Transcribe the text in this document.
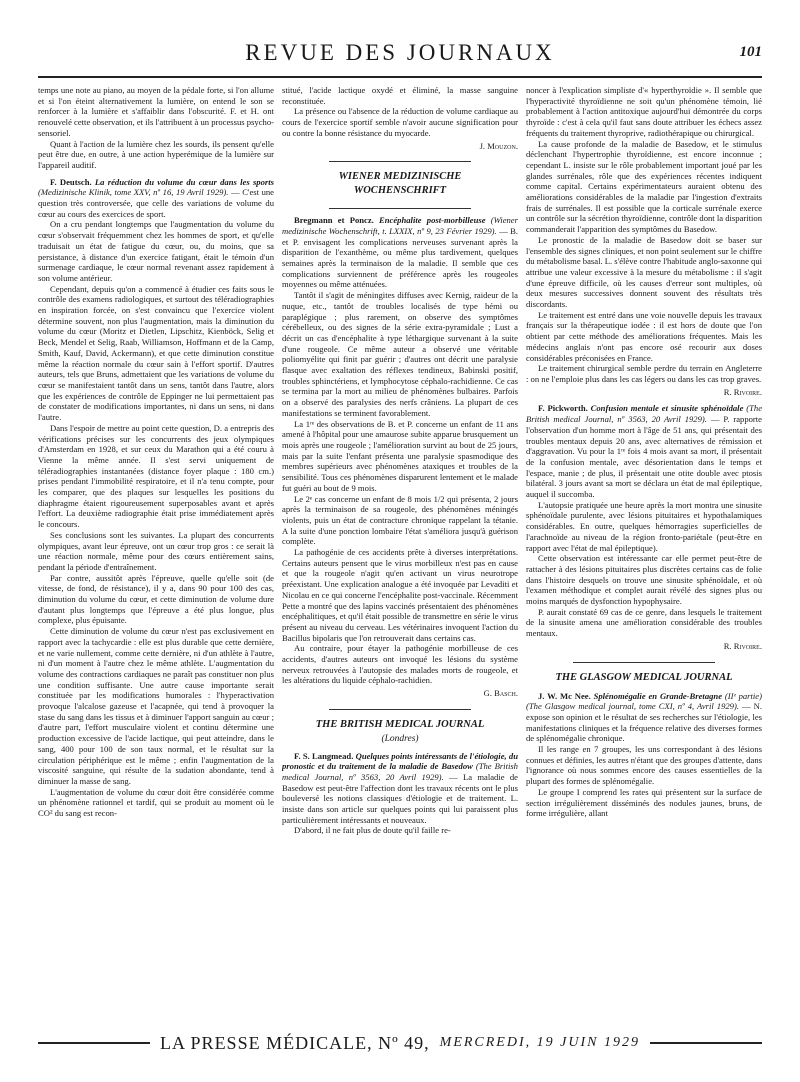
REVUE DES JOURNAUX	101

temps une note au piano, au moyen de la pédale forte, si l'on allume et si l'on éteint alternativement la lumière, on entend le son se renforcer à la lumière et s'affaiblir dans l'obscurité. F. et H. ont renouvelé cette observation, et ils l'attribuent à un processus psycho-sensoriel.

Quant à l'action de la lumière chez les sourds, ils pensent qu'elle peut être due, en outre, à une action hyperémique de la lumière sur l'appareil auditif.

F. Deutsch. La réduction du volume du cœur dans les sports (Medizinische Klinik, tome XXV, nº 16, 19 Avril 1929). — C'est une question très controversée, que celle des variations de volume du cœur au cours des exercices de sport.

On a cru pendant longtemps que l'augmentation du volume du cœur s'observait fréquemment chez les hommes de sport, et qu'elle traduisait un état de fatigue du cœur, ou, du moins, que sa persistance, à distance d'un exercice fatigant, était le témoin d'un surmenage cardiaque, le cœur normal revenant assez rapidement à son volume antérieur.

Cependant, depuis qu'on a commencé à étudier ces faits sous le contrôle des examens radiologiques, et surtout des téléradiographies en inspiration forcée, on s'est convaincu que l'exercice violent détermine souvent, non plus l'augmentation, mais la diminution du volume du cœur (Moritz et Dietlen, Lipschitz, Kienböck, Selig et Beck, Mendel et Selig, Raab, Williamson, Hoffmann et de la Camp, Smith, Kauf, David, Ackermann), et que cette diminution constitue même la réaction normale du cœur sain à l'effort sportif. D'autres auteurs, tels que Bruns, admettaient que les variations de volume du cœur se manifestaient tantôt dans un sens, tantôt dans l'autre, alors que les expériences de contrôle de Eppinger ne lui permettaient pas de constater de modifications importantes, ni dans un sens, ni dans l'autre.

Dans l'espoir de mettre au point cette question, D. a entrepris des vérifications précises sur les concurrents des jeux olympiques d'Amsterdam en 1928, et sur ceux du Marathon qui a été couru à Vienne la même année. Il s'est servi uniquement de téléradiographies instantanées (distance foyer plaque : 180 cm.) prises pendant l'immobilité respiratoire, et il n'a tenu compte, pour les comparer, que des plaques sur lesquelles les positions du diaphragme étaient rigoureusement superposables avant et après l'effort. La deuxième radiographie était prise immédiatement après le concours.

Ses conclusions sont les suivantes. La plupart des concurrents olympiques, avant leur épreuve, ont un cœur trop gros : ce serait là une réaction normale, même pour des cœurs entièrement sains, pendant la période d'entraînement.

Par contre, aussitôt après l'épreuve, quelle qu'elle soit (de vitesse, de fond, de résistance), il y a, dans 90 pour 100 des cas, diminution du volume du cœur, et cette diminution de volume dure d'autant plus longtemps que l'épreuve a été plus longue, plus complexe, plus épuisante.

Cette diminution de volume du cœur n'est pas exclusivement en rapport avec la tachycardie : elle est plus durable que cette dernière, et ne varie nullement, comme cette dernière, ni d'un athlète à l'autre, ni d'un moment à l'autre chez le même athlète. L'augmentation du volume des contractions cardiaques ne paraît pas constituer non plus une condition suffisante. Une autre cause importante serait constituée par les modifications humorales : l'hyperactivation provoque l'alcalose gazeuse et l'acapnée, qui tend à provoquer la stase du sang dans les tissus et à diminuer l'apport sanguin au cœur ; d'autre part, l'effort musculaire violent et continu détermine une production excessive de l'acide lactique, qui peut atteindre, dans le sang, 400 pour 100 de son taux normal, et le résultat sur la circulation périphérique est le même ; enfin l'augmentation de la viscosité sanguine, qui résulte de la sudation abondante, tend à diminuer la masse de sang.

L'augmentation de volume du cœur doit être considérée comme un phénomène rationnel et tardif, qui se produit au moment où le CO² du sang est recon-

stitué, l'acide lactique oxydé et éliminé, la masse sanguine reconstituée.

La présence ou l'absence de la réduction de volume cardiaque au cours de l'exercice sportif semble n'avoir aucune signification pour ou contre la bonne résistance du myocarde.

J. Mouzon.

WIENER MEDIZINISCHE
WOCHENSCHRIFT

Bregmann et Poncz. Encéphalite post-morbilleuse (Wiener medizinische Wochenschrift, t. LXXIX, nº 9, 23 Février 1929). — B. et P. envisagent les complications nerveuses survenant après la disparition de l'exanthème, ou même plus tardivement, quelques semaines après la terminaison de la maladie. Il semble que ces complications surviennent de préférence après les rougeoles moyennes ou même atténuées.

Tantôt il s'agit de méningites diffuses avec Kernig, raideur de la nuque, etc., tantôt de troubles localisés de type hémi ou paraplégique ; plus rarement, on observe des symptômes cérébelleux, ou des signes de la série extra-pyramidale ; Lust a décrit un cas d'encéphalite à type léthargique survenant à la suite d'une rougeole. Ce même auteur a observé une véritable poliomyélite qui finit par guérir ; d'autres ont décrit une paralysie flasque avec exaltation des réflexes tendineux, Babinski positif, troubles sphinctériens, et lymphocytose céphalo-rachidienne. Ce cas se termina par la mort au milieu de phénomènes bulbaires. Parfois on a observé des paralysies des nerfs crâniens. La plupart de ces manifestations se terminent favorablement.

La 1ʳᵉ des observations de B. et P. concerne un enfant de 11 ans amené à l'hôpital pour une amaurose subite apparue brusquement un mois après une rougeole ; l'amélioration survint au bout de 25 jours, mais par la suite l'enfant présenta une paralysie spasmodique des membres supérieurs avec phénomènes ataxiques et troubles de la sensibilité. Tous ces phénomènes disparurent lentement et le malade fut guéri au bout de 9 mois.

Le 2ᵉ cas concerne un enfant de 8 mois 1/2 qui présenta, 2 jours après la terminaison de sa rougeole, des phénomènes méningés violents, puis un état de contracture chronique rappelant la tétanie. A la suite d'une ponction lombaire l'état s'améliora jusqu'à guérison complète.

La pathogénie de ces accidents prête à diverses interprétations. Certains auteurs pensent que le virus morbilleux n'est pas en cause et que la rougeole n'agit qu'en activant un virus neurotrope préexistant. Une explication analogue a été invoquée par Levaditi et Nicolau en ce qui concerne l'encéphalite post-vaccinale. Récemment Pette a montré que des lapins vaccinés présentaient des phénomènes encéphalitiques, et qu'il était possible de transmettre en série le virus présent au niveau du cerveau. Les vétérinaires invoquent l'action du Bacillus bipolaris que l'on retrouverait dans certains cas.

Au contraire, pour étayer la pathogénie morbilleuse de ces accidents, d'autres auteurs ont invoqué les lésions du système nerveux retrouvées à l'autopsie des malades morts de rougeole, et les altérations du liquide céphalo-rachidien.

G. Basch.

THE BRITISH MEDICAL JOURNAL
(Londres)

F. S. Langmead. Quelques points intéressants de l'étiologie, du pronostic et du traitement de la maladie de Basedow (The British medical Journal, nº 3563, 20 Avril 1929). — La maladie de Basedow est peut-être l'affection dont les travaux récents ont le plus bouleversé les notions classiques d'étiologie et de traitement. L. insiste dans son article sur quelques points qui lui paraissent plus particulièrement intéressants et nouveaux.

D'abord, il ne fait plus de doute qu'il faille re-

noncer à l'explication simpliste d'« hyperthyroïdie ». Il semble que l'hyperactivité thyroïdienne ne soit qu'un phénomène témoin, lié probablement à l'action antitoxique aujourd'hui démontrée du corps thyroïde : c'est à cela qu'il faut sans doute attribuer les échecs assez fréquents du traitement thyroprive, radiothérapique ou chirurgical.

La cause profonde de la maladie de Basedow, et le stimulus déclenchant l'hypertrophie thyroïdienne, est encore inconnue ; cependant L. insiste sur le rôle probablement important joué par les glandes surrénales, rôle que des expériences récentes indiquent comme capital. Certains expérimentateurs auraient obtenu des améliorations considérables de la maladie par l'ingestion d'extraits frais de surrénales. Il est possible que la corticale surrénale exerce un contrôle sur la sécrétion thyroïdienne, contrôle dont la disparition commanderait l'apparition des symptômes du Basedow.

Le pronostic de la maladie de Basedow doit se baser sur l'ensemble des signes cliniques, et non point seulement sur le chiffre du métabolisme basal. L. s'élève contre l'habitude anglo-saxonne qui attribue une valeur excessive à la mesure du métabolisme : il s'agit d'une épreuve difficile, où les causes d'erreur sont multiples, où deux mesures successives donnent souvent des résultats très discordants.

Le traitement est entré dans une voie nouvelle depuis les travaux français sur la thérapeutique iodée : il est hors de doute que l'on obtient par cette méthode des améliorations fréquentes. Mais les médecins anglais n'ont pas encore osé recourir aux doses considérables préconisées en France.

Le traitement chirurgical semble perdre du terrain en Angleterre : on ne l'emploie plus dans les cas légers ou dans les cas trop graves.

R. Rivoire.

F. Pickworth. Confusion mentale et sinusite sphénoïdale (The British medical Journal, nº 3563, 20 Avril 1929). — P. rapporte l'observation d'un homme mort à l'âge de 51 ans, qui présentait des troubles mentaux depuis 20 ans, avec alternatives de rémission et d'aggravation. Vu pour la 1ʳᵉ fois 4 mois avant sa mort, il présentait de la confusion mentale, avec désorientation dans le temps et l'espace, manie ; de plus, il présentait une otite double avec ptosis bilatéral. 3 jours avant sa mort se déclara un état de mal épileptique, auquel il succomba.

L'autopsie pratiquée une heure après la mort montra une sinusite sphénoïdale purulente, avec lésions pituitaires et hypothalamiques considérables. En outre, quelques hémorragies superficielles de l'arachnoïde au niveau de la région fronto-pariétale (peut-être en rapport avec l'état de mal épileptique).

Cette observation est intéressante car elle permet peut-être de rattacher à des lésions pituitaires plus discrètes certains cas de folie dans l'histoire desquels on trouve une sinusite sphénoïdale, et où l'examen méthodique et complet aurait révélé des signes plus ou moins marqués de dysfonction hypophysaire.

P. aurait constaté 69 cas de ce genre, dans lesquels le traitement de la sinusite amena une amélioration considérable des troubles mentaux.

R. Rivoire.

THE GLASGOW MEDICAL JOURNAL

J. W. Mc Nee. Splénomégalie en Grande-Bretagne (IIᵉ partie) (The Glasgow medical journal, tome CXI, nº 4, Avril 1929). — N. expose son opinion et le résultat de ses recherches sur l'étiologie, les manifestations cliniques et la fréquence relative des diverses formes de splénomégalie chronique.

Il les range en 7 groupes, les uns correspondant à des lésions connues et définies, les autres n'étant que des groupes d'attente, dans l'ignorance où nous sommes encore des causes essentielles de la plupart des formes de splénomégalie.

Le groupe I comprend les rates qui présentent sur la surface de section irrégulièrement disséminés des nodules jaunes, bruns, de forme irrégulière, allant

LA PRESSE MÉDICALE, Nº 49, MERCREDI, 19 JUIN 1929
